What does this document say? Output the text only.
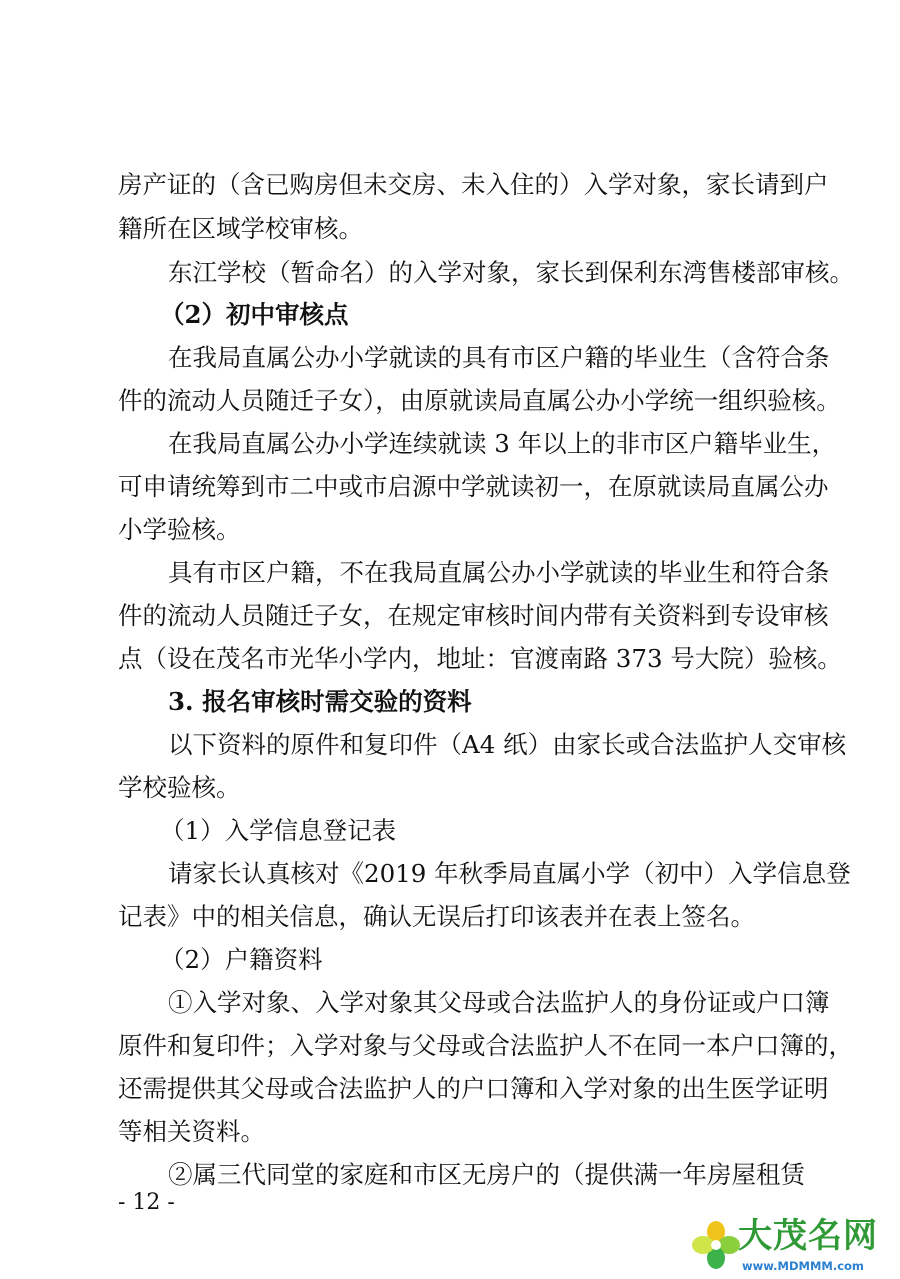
房产证的（含已购房但未交房、未入住的）入学对象，家长请到户
籍所在区域学校审核。
东江学校（暂命名）的入学对象，家长到保利东湾售楼部审核。
（2）初中审核点
在我局直属公办小学就读的具有市区户籍的毕业生（含符合条
件的流动人员随迁子女），由原就读局直属公办小学统一组织验核。
在我局直属公办小学连续就读 3 年以上的非市区户籍毕业生，
可申请统筹到市二中或市启源中学就读初一，在原就读局直属公办
小学验核。
具有市区户籍，不在我局直属公办小学就读的毕业生和符合条
件的流动人员随迁子女，在规定审核时间内带有关资料到专设审核
点（设在茂名市光华小学内，地址：官渡南路 373 号大院）验核。
3. 报名审核时需交验的资料
以下资料的原件和复印件（A4 纸）由家长或合法监护人交审核
学校验核。
（1）入学信息登记表
请家长认真核对《2019 年秋季局直属小学（初中）入学信息登
记表》中的相关信息，确认无误后打印该表并在表上签名。
（2）户籍资料
①入学对象、入学对象其父母或合法监护人的身份证或户口簿
原件和复印件；入学对象与父母或合法监护人不在同一本户口簿的，
还需提供其父母或合法监护人的户口簿和入学对象的出生医学证明
等相关资料。
②属三代同堂的家庭和市区无房户的（提供满一年房屋租赁
- 12 -
大茂名网
www.MDMMM.com
